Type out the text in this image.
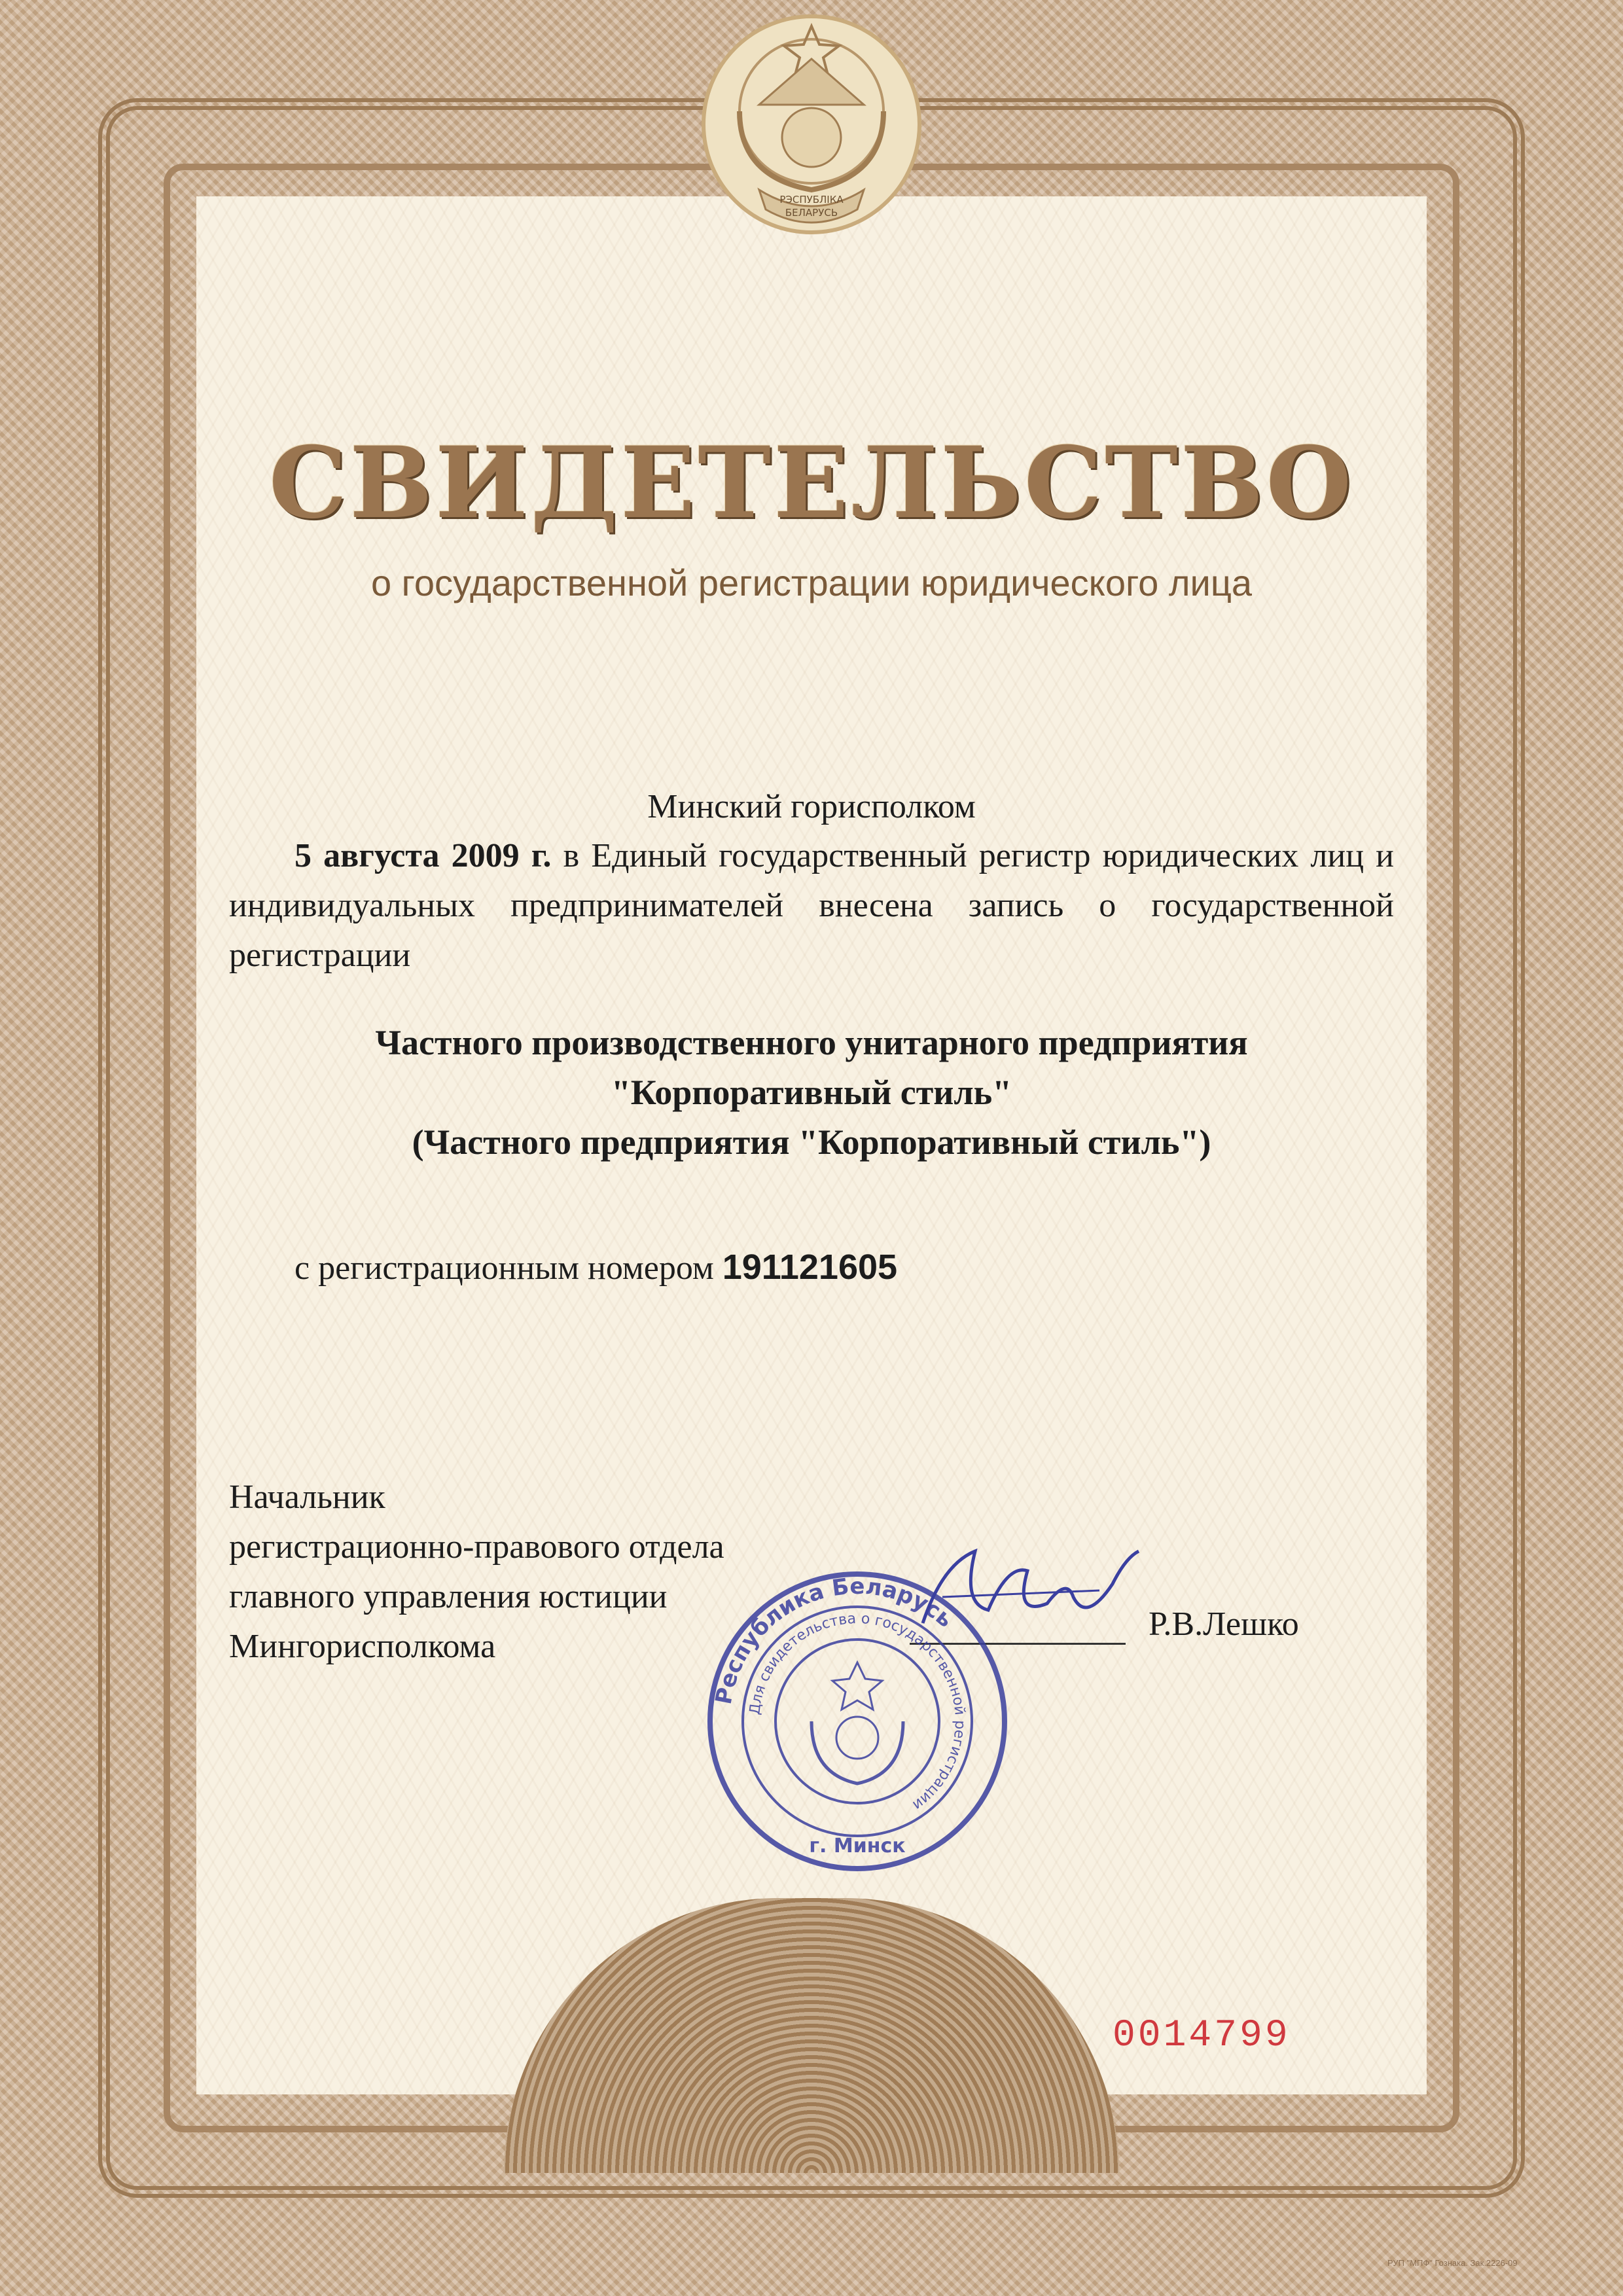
РЭСПУБЛІКА
БЕЛАРУСЬ
СВИДЕТЕЛЬСТВО
о государственной регистрации юридического лица
Минский горисполком
5 августа 2009 г. в Единый государственный регистр юридических лиц и индивидуальных предпринимателей внесена запись о государственной регистрации
Частного производственного унитарного предприятия
"Корпоративный стиль"
(Частного предприятия "Корпоративный стиль")
с регистрационным номером 191121605
Начальник
регистрационно-правового отдела
главного управления юстиции
Мингорисполкома
Р.В.Лешко
Республика Беларусь
Для свидетельства о государственной регистрации
г. Минск
0014799
РУП "МПФ" Гознака. Зак.2226-09
